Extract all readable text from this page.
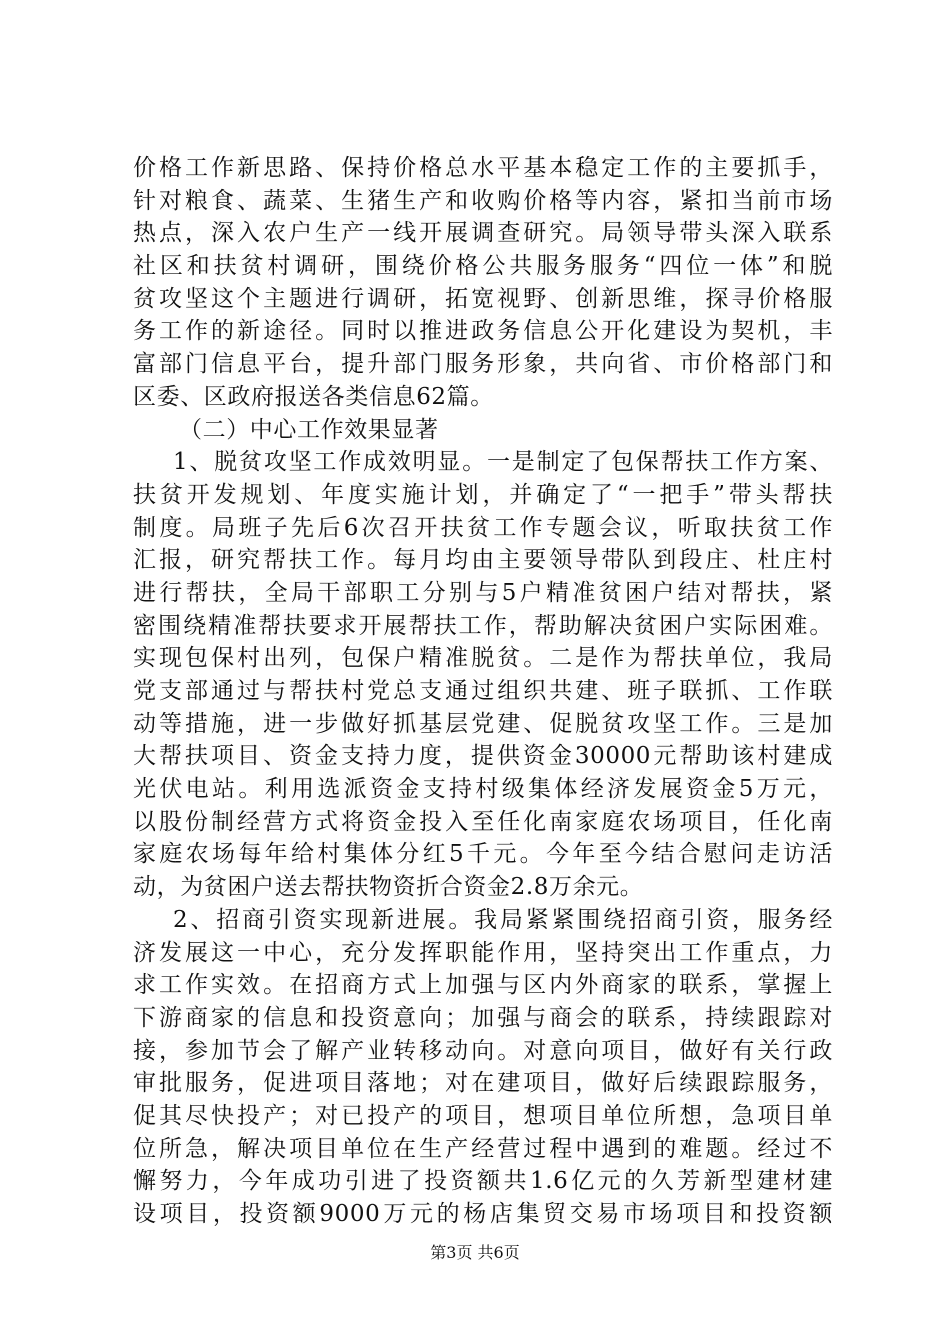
价格工作新思路、保持价格总水平基本稳定工作的主要抓手，
针对粮食、蔬菜、生猪生产和收购价格等内容，紧扣当前市场
热点，深入农户生产一线开展调查研究。局领导带头深入联系
社区和扶贫村调研，围绕价格公共服务服务“四位一体”和脱
贫攻坚这个主题进行调研，拓宽视野、创新思维，探寻价格服
务工作的新途径。同时以推进政务信息公开化建设为契机，丰
富部门信息平台，提升部门服务形象，共向省、市价格部门和
区委、区政府报送各类信息62篇。
（二）中心工作效果显著
1、脱贫攻坚工作成效明显。一是制定了包保帮扶工作方案、
扶贫开发规划、年度实施计划，并确定了“一把手”带头帮扶
制度。局班子先后6次召开扶贫工作专题会议，听取扶贫工作
汇报，研究帮扶工作。每月均由主要领导带队到段庄、杜庄村
进行帮扶，全局干部职工分别与5户精准贫困户结对帮扶，紧
密围绕精准帮扶要求开展帮扶工作，帮助解决贫困户实际困难。
实现包保村出列，包保户精准脱贫。二是作为帮扶单位，我局
党支部通过与帮扶村党总支通过组织共建、班子联抓、工作联
动等措施，进一步做好抓基层党建、促脱贫攻坚工作。三是加
大帮扶项目、资金支持力度，提供资金30000元帮助该村建成
光伏电站。利用选派资金支持村级集体经济发展资金5万元，
以股份制经营方式将资金投入至任化南家庭农场项目，任化南
家庭农场每年给村集体分红5千元。今年至今结合慰问走访活
动，为贫困户送去帮扶物资折合资金2.8万余元。
2、招商引资实现新进展。我局紧紧围绕招商引资，服务经
济发展这一中心，充分发挥职能作用，坚持突出工作重点，力
求工作实效。在招商方式上加强与区内外商家的联系，掌握上
下游商家的信息和投资意向；加强与商会的联系，持续跟踪对
接，参加节会了解产业转移动向。对意向项目，做好有关行政
审批服务，促进项目落地；对在建项目，做好后续跟踪服务，
促其尽快投产；对已投产的项目，想项目单位所想，急项目单
位所急，解决项目单位在生产经营过程中遇到的难题。经过不
懈努力，今年成功引进了投资额共1.6亿元的久芳新型建材建
设项目，投资额9000万元的杨店集贸交易市场项目和投资额
第3页 共6页
